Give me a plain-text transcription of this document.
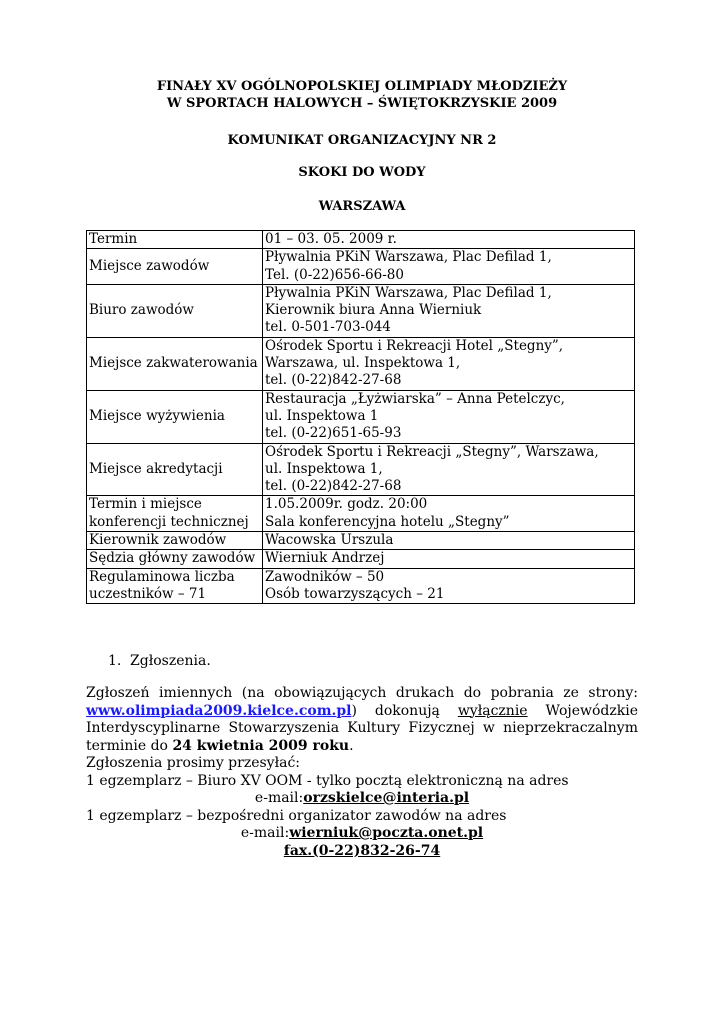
FINAŁY XV OGÓLNOPOLSKIEJ OLIMPIADY MŁODZIEŻY

W SPORTACH HALOWYCH – ŚWIĘTOKRZYSKIE 2009

KOMUNIKAT ORGANIZACYJNY NR 2

SKOKI DO WODY

WARSZAWA

Termin	01 – 03. 05. 2009 r.

Miejsce zawodów	Pływalnia PKiN Warszawa, Plac Defilad 1,
Tel. (0-22)656-66-80

Biuro zawodów	Pływalnia PKiN Warszawa, Plac Defilad 1,
Kierownik biura Anna Wierniuk
tel. 0-501-703-044

Miejsce zakwaterowania	Ośrodek Sportu i Rekreacji Hotel „Stegny”,
Warszawa, ul. Inspektowa 1,
tel. (0-22)842-27-68

Miejsce wyżywienia	Restauracja „Łyżwiarska” – Anna Petelczyc,
ul. Inspektowa 1
tel. (0-22)651-65-93

Miejsce akredytacji	Ośrodek Sportu i Rekreacji „Stegny”, Warszawa,
ul. Inspektowa 1,
tel. (0-22)842-27-68

Termin i miejsce konferencji technicznej	1.05.2009r. godz. 20:00
Sala konferencyjna hotelu „Stegny”

Kierownik zawodów	Wacowska Urszula

Sędzia główny zawodów	Wierniuk Andrzej

Regulaminowa liczba uczestników – 71	Zawodników – 50
Osób towarzyszących – 21
1. Zgłoszenia.
Zgłoszeń imiennych (na obowiązujących drukach do pobrania ze strony:
www.olimpiada2009.kielce.com.pl) dokonują wyłącznie Wojewódzkie
Interdyscyplinarne Stowarzyszenia Kultury Fizycznej w nieprzekraczalnym
terminie do 24 kwietnia 2009 roku.
Zgłoszenia prosimy przesyłać:
1 egzemplarz – Biuro XV OOM - tylko pocztą elektroniczną na adres
e-mail:orzskielce@interia.pl
1 egzemplarz – bezpośredni organizator zawodów na adres
e-mail:wierniuk@poczta.onet.pl
fax.(0-22)832-26-74
